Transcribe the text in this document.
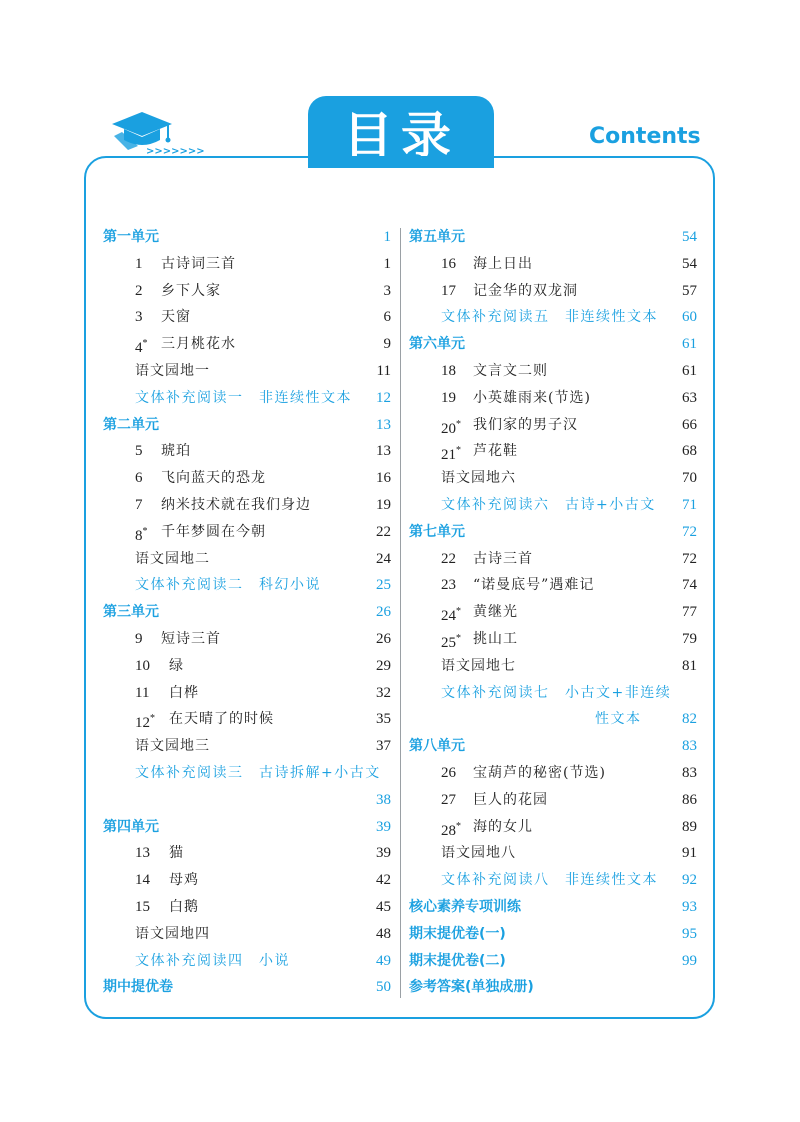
>>>>>>>	目录	Contents
第一单元	1
1 古诗词三首	1
2 乡下人家	3
3 天窗	6
4* 三月桃花水	9
语文园地一	11
文体补充阅读一　非连续性文本 12
第二单元	13
5 琥珀	13
6 飞向蓝天的恐龙	16
7 纳米技术就在我们身边	19
8* 千年梦圆在今朝	22
语文园地二	24
文体补充阅读二　科幻小说	25
第三单元	26
9 短诗三首	26
10 绿	29
11 白桦	32
12* 在天晴了的时候	35
语文园地三	37
文体补充阅读三　古诗拆解+小古文
38
第四单元	39
13 猫	39
14 母鸡	42
15 白鹅	45
语文园地四	48
文体补充阅读四　小说	49
期中提优卷	50
第五单元	54
16 海上日出	54
17 记金华的双龙洞	57
文体补充阅读五　非连续性文本 60
第六单元	61
18 文言文二则	61
19 小英雄雨来(节选)	63
20* 我们家的男子汉	66
21* 芦花鞋	68
语文园地六	70
文体补充阅读六　古诗+小古文 71
第七单元	72
22 古诗三首	72
23 “诺曼底号”遇难记	74
24* 黄继光	77
25* 挑山工	79
语文园地七	81
文体补充阅读七　小古文+非连续
性文本	82
第八单元	83
26 宝葫芦的秘密(节选)	83
27 巨人的花园	86
28* 海的女儿	89
语文园地八	91
文体补充阅读八　非连续性文本 92
核心素养专项训练	93
期末提优卷(一)	95
期末提优卷(二)	99
参考答案(单独成册)
